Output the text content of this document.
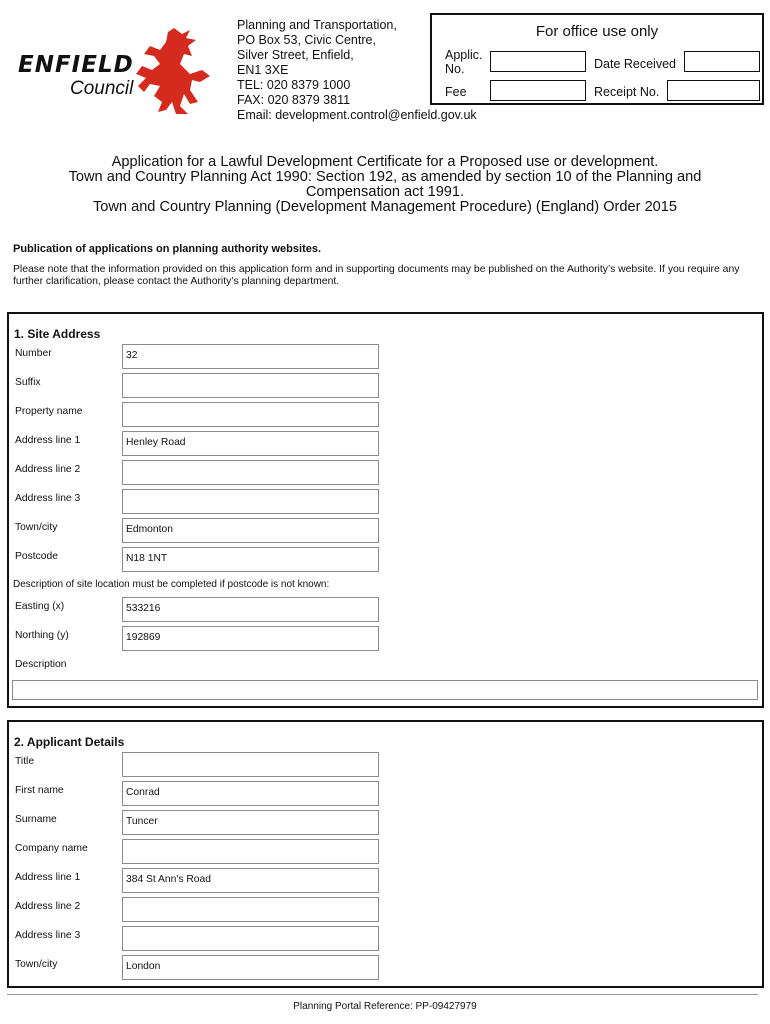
ENFIELD
Council
Planning and Transportation,
PO Box 53, Civic Centre,
Silver Street, Enfield,
EN1 3XE
TEL: 020 8379 1000
FAX: 020 8379 3811
Email: development.control@enfield.gov.uk
For office use only
Applic.
No.	Date Received
Fee	Receipt No.
Application for a Lawful Development Certificate for a Proposed use or development.
Town and Country Planning Act 1990: Section 192, as amended by section 10 of the Planning and
Compensation act 1991.
Town and Country Planning (Development Management Procedure) (England) Order 2015
Publication of applications on planning authority websites.
Please note that the information provided on this application form and in supporting documents may be published on the Authority’s website. If you require any further clarification, please contact the Authority’s planning department.
1. Site Address
Number	32
Suffix
Property name
Address line 1	Henley Road
Address line 2
Address line 3
Town/city	Edmonton
Postcode	N18 1NT
Description of site location must be completed if postcode is not known:
Easting (x)	533216
Northing (y)	192869
Description
2. Applicant Details
Title
First name	Conrad
Surname	Tuncer
Company name
Address line 1	384 St Ann's Road
Address line 2
Address line 3
Town/city	London
Planning Portal Reference: PP-09427979
